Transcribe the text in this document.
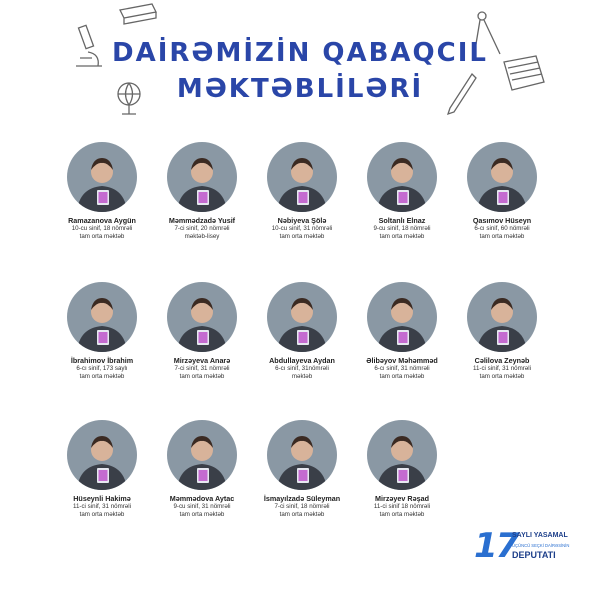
DAİRƏMİZİN QABAQCIL
MƏKTƏBLİLƏRİ
Ramazanova Aygün
10-cu sinif, 18 nömrəli
tam orta məktəb
Məmmədzadə Yusif
7-ci sinif, 20 nömrəli
məktəb-lisey
Nəbiyeva Şölə
10-cu sinif, 31 nömrəli
tam orta məktəb
Soltanlı Elnaz
9-cu sinif, 18 nömrəli
tam orta məktəb
Qasımov Hüseyn
6-cı sinif, 60 nömrəli
tam orta məktəb
İbrahimov İbrahim
6-cı sinif, 173 saylı
tam orta məktəb
Mirzəyeva Anarə
7-ci sinif, 31 nömrəli
tam orta məktəb
Abdullayeva Aydan
6-cı sinif, 31nömrəli
məktəb
Əlibəyov Məhəmməd
6-cı sinif, 31 nömrəli
tam orta məktəb
Cəlilova Zeynəb
11-ci sinif, 31 nömrəli
tam orta məktəb
Hüseynli Hakimə
11-ci sinif, 31 nömrəli
tam orta məktəb
Məmmədova Aytac
9-cu sinif, 31 nömrəli
tam orta məktəb
İsmayılzadə Süleyman
7-ci sinif, 18 nömrəli
tam orta məktəb
Mirzəyev Rəşad
11-ci sinif 18 nömrəli
tam orta məktəb
17
SAYLI YASAMAL
ÜÇÜNCÜ SEÇKİ DAİRƏSİNİN
DEPUTATI
